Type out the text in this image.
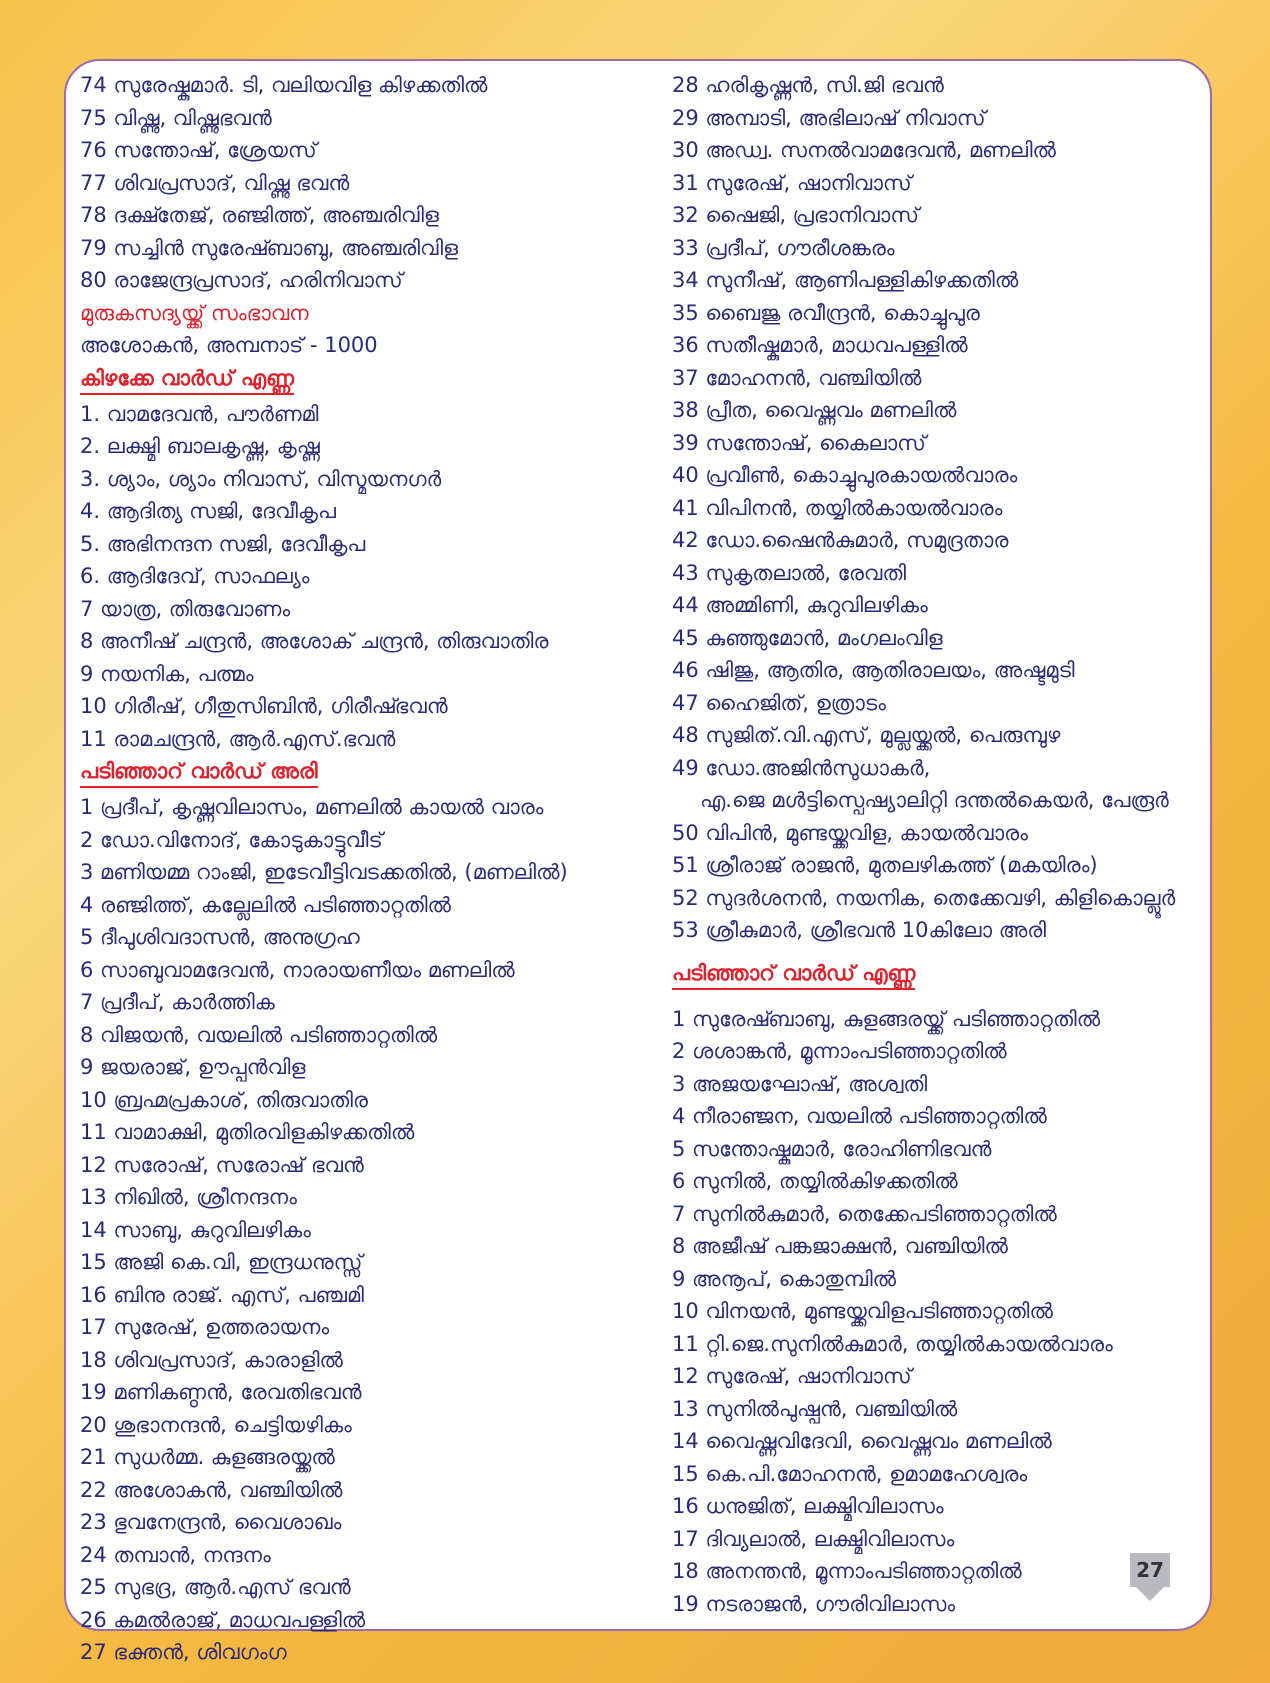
74 സുരേഷ്കുമാർ. ടി, വലിയവിള കിഴക്കതിൽ
75 വിഷ്ണു, വിഷ്ണുഭവൻ
76 സന്തോഷ്, ശ്രേയസ്
77 ശിവപ്രസാദ്, വിഷ്ണു ഭവൻ
78 ദക്ഷ്തേജ്, രഞ്ജിത്ത്, അഞ്ചരിവിള
79 സച്ചിൻ സുരേഷ്ബാബു, അഞ്ചരിവിള
80 രാജേന്ദ്രപ്രസാദ്, ഹരിനിവാസ്
മുരുകസദ്യയ്ക്ക് സംഭാവന
അശോകൻ, അമ്പനാട് - 1000
കിഴക്കേ വാർഡ് എണ്ണ
1. വാമദേവൻ, പൗർണമി
2. ലക്ഷ്മി ബാലകൃഷ്ണ, കൃഷ്ണ
3. ശ്യാം, ശ്യാം നിവാസ്, വിസ്മയനഗർ
4. ആദിത്യ സജി, ദേവീകൃപ
5. അഭിനന്ദന സജി, ദേവീകൃപ
6. ആദിദേവ്, സാഫല്യം
7 യാത്ര, തിരുവോണം
8 അനീഷ് ചന്ദ്രൻ, അശോക് ചന്ദ്രൻ, തിരുവാതിര
9 നയനിക, പത്മം
10 ഗിരീഷ്, ഗീതുസിബിൻ, ഗിരീഷ്ഭവൻ
11 രാമചന്ദ്രൻ, ആർ.എസ്.ഭവൻ
പടിഞ്ഞാറ് വാർഡ് അരി
1 പ്രദീപ്, കൃഷ്ണവിലാസം, മണലിൽ കായൽ വാരം
2 ഡോ.വിനോദ്, കോടുകാട്ടുവീട്
3 മണിയമ്മ റാംജി, ഇടേവീട്ടിവടക്കതിൽ, (മണലിൽ)
4 രഞ്ജിത്ത്, കല്ലേലിൽ പടിഞ്ഞാറ്റതിൽ
5 ദീപുശിവദാസൻ, അനുഗ്രഹ
6 സാബുവാമദേവൻ, നാരായണീയം മണലിൽ
7 പ്രദീപ്, കാർത്തിക
8 വിജയൻ, വയലിൽ പടിഞ്ഞാറ്റതിൽ
9 ജയരാജ്, ഊപ്പൻവിള
10 ബ്രഹ്മപ്രകാശ്, തിരുവാതിര
11 വാമാക്ഷി, മുതിരവിളകിഴക്കതിൽ
12 സരോഷ്, സരോഷ് ഭവൻ
13 നിഖിൽ, ശ്രീനന്ദനം
14 സാബു, കുറുവിലഴികം
15 അജി കെ.വി, ഇന്ദ്രധനുസ്സ്
16 ബിനു രാജ്. എസ്, പഞ്ചമി
17 സുരേഷ്, ഉത്തരായനം
18 ശിവപ്രസാദ്, കാരാളിൽ
19 മണികണ്ഠൻ, രേവതിഭവൻ
20 ശുഭാനന്ദൻ, ചെട്ടിയഴികം
21 സുധർമ്മ. കുളങ്ങരയ്ക്കൽ
22 അശോകൻ, വഞ്ചിയിൽ
23 ഭുവനേന്ദ്രൻ, വൈശാഖം
24 തമ്പാൻ, നന്ദനം
25 സുഭദ്ര, ആർ.എസ് ഭവൻ
26 കമൽരാജ്, മാധവപള്ളിൽ
27 ഭക്തൻ, ശിവഗംഗ
28 ഹരികൃഷ്ണൻ, സി.ജി ഭവൻ
29 അമ്പാടി, അഭിലാഷ് നിവാസ്
30 അഡ്വ. സനൽവാമദേവൻ, മണലിൽ
31 സുരേഷ്, ഷാനിവാസ്
32 ഷൈജി, പ്രഭാനിവാസ്
33 പ്രദീപ്, ഗൗരീശങ്കരം
34 സുനീഷ്, ആണിപള്ളികിഴക്കതിൽ
35 ബൈജു രവീന്ദ്രൻ, കൊച്ചുപുര
36 സതീഷ്കുമാർ, മാധവപള്ളിൽ
37 മോഹനൻ, വഞ്ചിയിൽ
38 പ്രീത, വൈഷ്ണവം മണലിൽ
39 സന്തോഷ്, കൈലാസ്
40 പ്രവീൺ, കൊച്ചുപുരകായൽവാരം
41 വിപിനൻ, തയ്യിൽകായൽവാരം
42 ഡോ.ഷൈൻകുമാർ, സമുദ്രതാര
43 സുകൃതലാൽ, രേവതി
44 അമ്മിണി, കുറുവിലഴികം
45 കുഞ്ഞുമോൻ, മംഗലംവിള
46 ഷിജു, ആതിര, ആതിരാലയം, അഷ്ടമുടി
47 ഹൈജിത്, ഉത്രാടം
48 സുജിത്.വി.എസ്, മുല്ലയ്ക്കൽ, പെരുമ്പുഴ
49 ഡോ.അജിൻസുധാകർ,
എ.ജെ മൾട്ടിസ്പെഷ്യാലിറ്റി ദന്തൽകെയർ, പേരൂർ
50 വിപിൻ, മുണ്ടയ്ക്കവിള, കായൽവാരം
51 ശ്രീരാജ് രാജൻ, മുതലഴികത്ത് (മകയിരം)
52 സുദർശനൻ, നയനിക, തെക്കേവഴി, കിളികൊല്ലൂർ
53 ശ്രീകുമാർ, ശ്രീഭവൻ 10കിലോ അരി
പടിഞ്ഞാറ് വാർഡ് എണ്ണ
1 സുരേഷ്ബാബു, കുളങ്ങരയ്ക്ക് പടിഞ്ഞാറ്റതിൽ
2 ശശാങ്കൻ, മൂന്നാംപടിഞ്ഞാറ്റതിൽ
3 അജയഘോഷ്, അശ്വതി
4 നീരാഞ്ജന, വയലിൽ പടിഞ്ഞാറ്റതിൽ
5 സന്തോഷ്കുമാർ, രോഹിണിഭവൻ
6 സുനിൽ, തയ്യിൽകിഴക്കതിൽ
7 സുനിൽകുമാർ, തെക്കേപടിഞ്ഞാറ്റതിൽ
8 അജീഷ് പങ്കജാക്ഷൻ, വഞ്ചിയിൽ
9 അനൂപ്, കൊതുമ്പിൽ
10 വിനയൻ, മുണ്ടയ്ക്കവിളപടിഞ്ഞാറ്റതിൽ
11 റ്റി.ജെ.സുനിൽകുമാർ, തയ്യിൽകായൽവാരം
12 സുരേഷ്, ഷാനിവാസ്
13 സുനിൽപുഷ്പൻ, വഞ്ചിയിൽ
14 വൈഷ്ണവിദേവി, വൈഷ്ണവം മണലിൽ
15 കെ.പി.മോഹനൻ, ഉമാമഹേശ്വരം
16 ധനുജിത്, ലക്ഷ്മിവിലാസം
17 ദിവ്യലാൽ, ലക്ഷ്മിവിലാസം
18 അനന്തൻ, മൂന്നാംപടിഞ്ഞാറ്റതിൽ
19 നടരാജൻ, ഗൗരിവിലാസം
27
